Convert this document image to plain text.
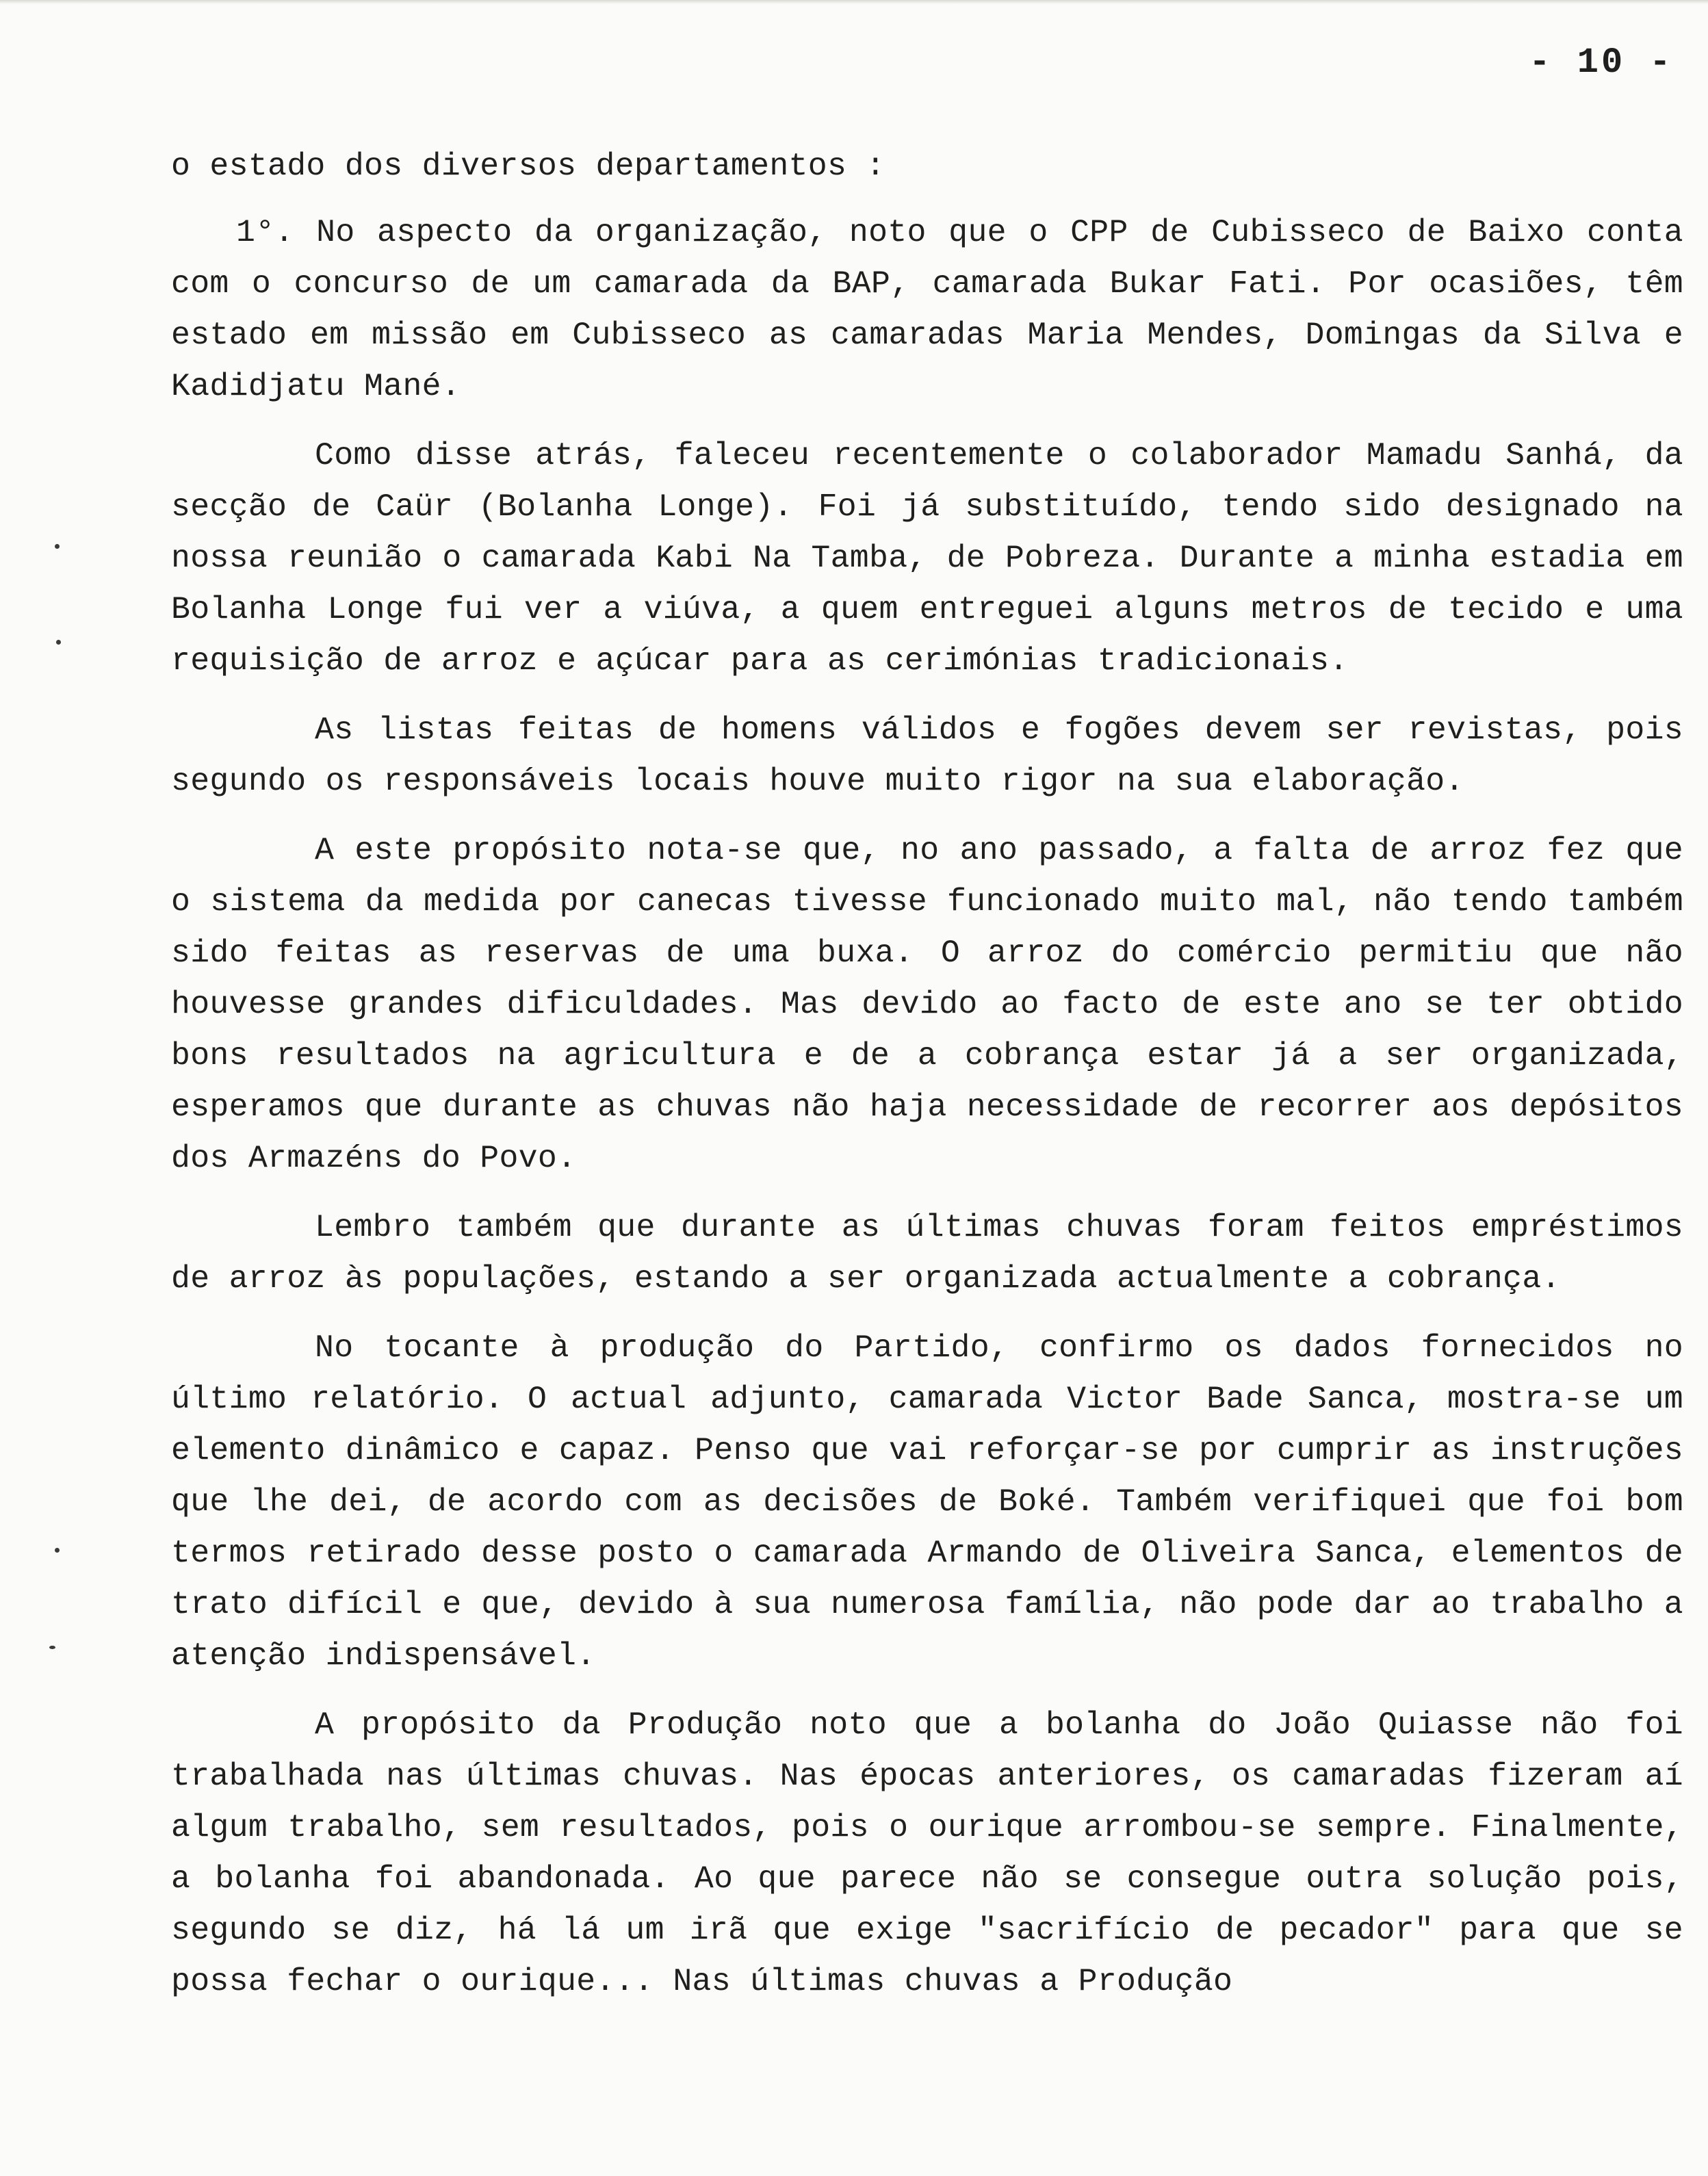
- 10 -

o estado dos diversos departamentos :

1°. No aspecto da organização, noto que o CPP de Cubisseco de Baixo conta com o concurso de um camarada da BAP, camarada Bukar Fati. Por ocasiões, têm estado em missão em Cubisseco as camaradas Maria Mendes, Domingas da Silva e Kadidjatu Mané.

Como disse atrás, faleceu recentemente o colaborador Mamadu Sanhá, da secção de Caür (Bolanha Longe). Foi já substituído, tendo sido designado na nossa reunião o camarada Kabi Na Tamba, de Pobreza. Durante a minha estadia em Bolanha Longe fui ver a viúva, a quem entreguei alguns metros de tecido e uma requisição de arroz e açúcar para as cerimónias tradicionais.

As listas feitas de homens válidos e fogões devem ser revistas, pois segundo os responsáveis locais houve muito rigor na sua elaboração.

A este propósito nota-se que, no ano passado, a falta de arroz fez que o sistema da medida por canecas tivesse funcionado muito mal, não tendo também sido feitas as reservas de uma buxa. O arroz do comércio permitiu que não houvesse grandes dificuldades. Mas devido ao facto de este ano se ter obtido bons resultados na agricultura e de a cobrança estar já a ser organizada, esperamos que durante as chuvas não haja necessidade de recorrer aos depósitos dos Armazéns do Povo.

Lembro também que durante as últimas chuvas foram feitos empréstimos de arroz às populações, estando a ser organizada actualmente a cobrança.

No tocante à produção do Partido, confirmo os dados fornecidos no último relatório. O actual adjunto, camarada Victor Bade Sanca, mostra-se um elemento dinâmico e capaz. Penso que vai reforçar-se por cumprir as instruções que lhe dei, de acordo com as decisões de Boké. Também verifiquei que foi bom termos retirado desse posto o camarada Armando de Oliveira Sanca, elementos de trato difícil e que, devido à sua numerosa família, não pode dar ao trabalho a atenção indispensável.

A propósito da Produção noto que a bolanha do João Quiasse não foi trabalhada nas últimas chuvas. Nas épocas anteriores, os camaradas fizeram aí algum trabalho, sem resultados, pois o ourique arrombou-se sempre. Finalmente, a bolanha foi abandonada. Ao que parece não se consegue outra solução pois, segundo se diz, há lá um irã que exige "sacrifício de pecador" para que se possa fechar o ourique... Nas últimas chuvas a Produção
